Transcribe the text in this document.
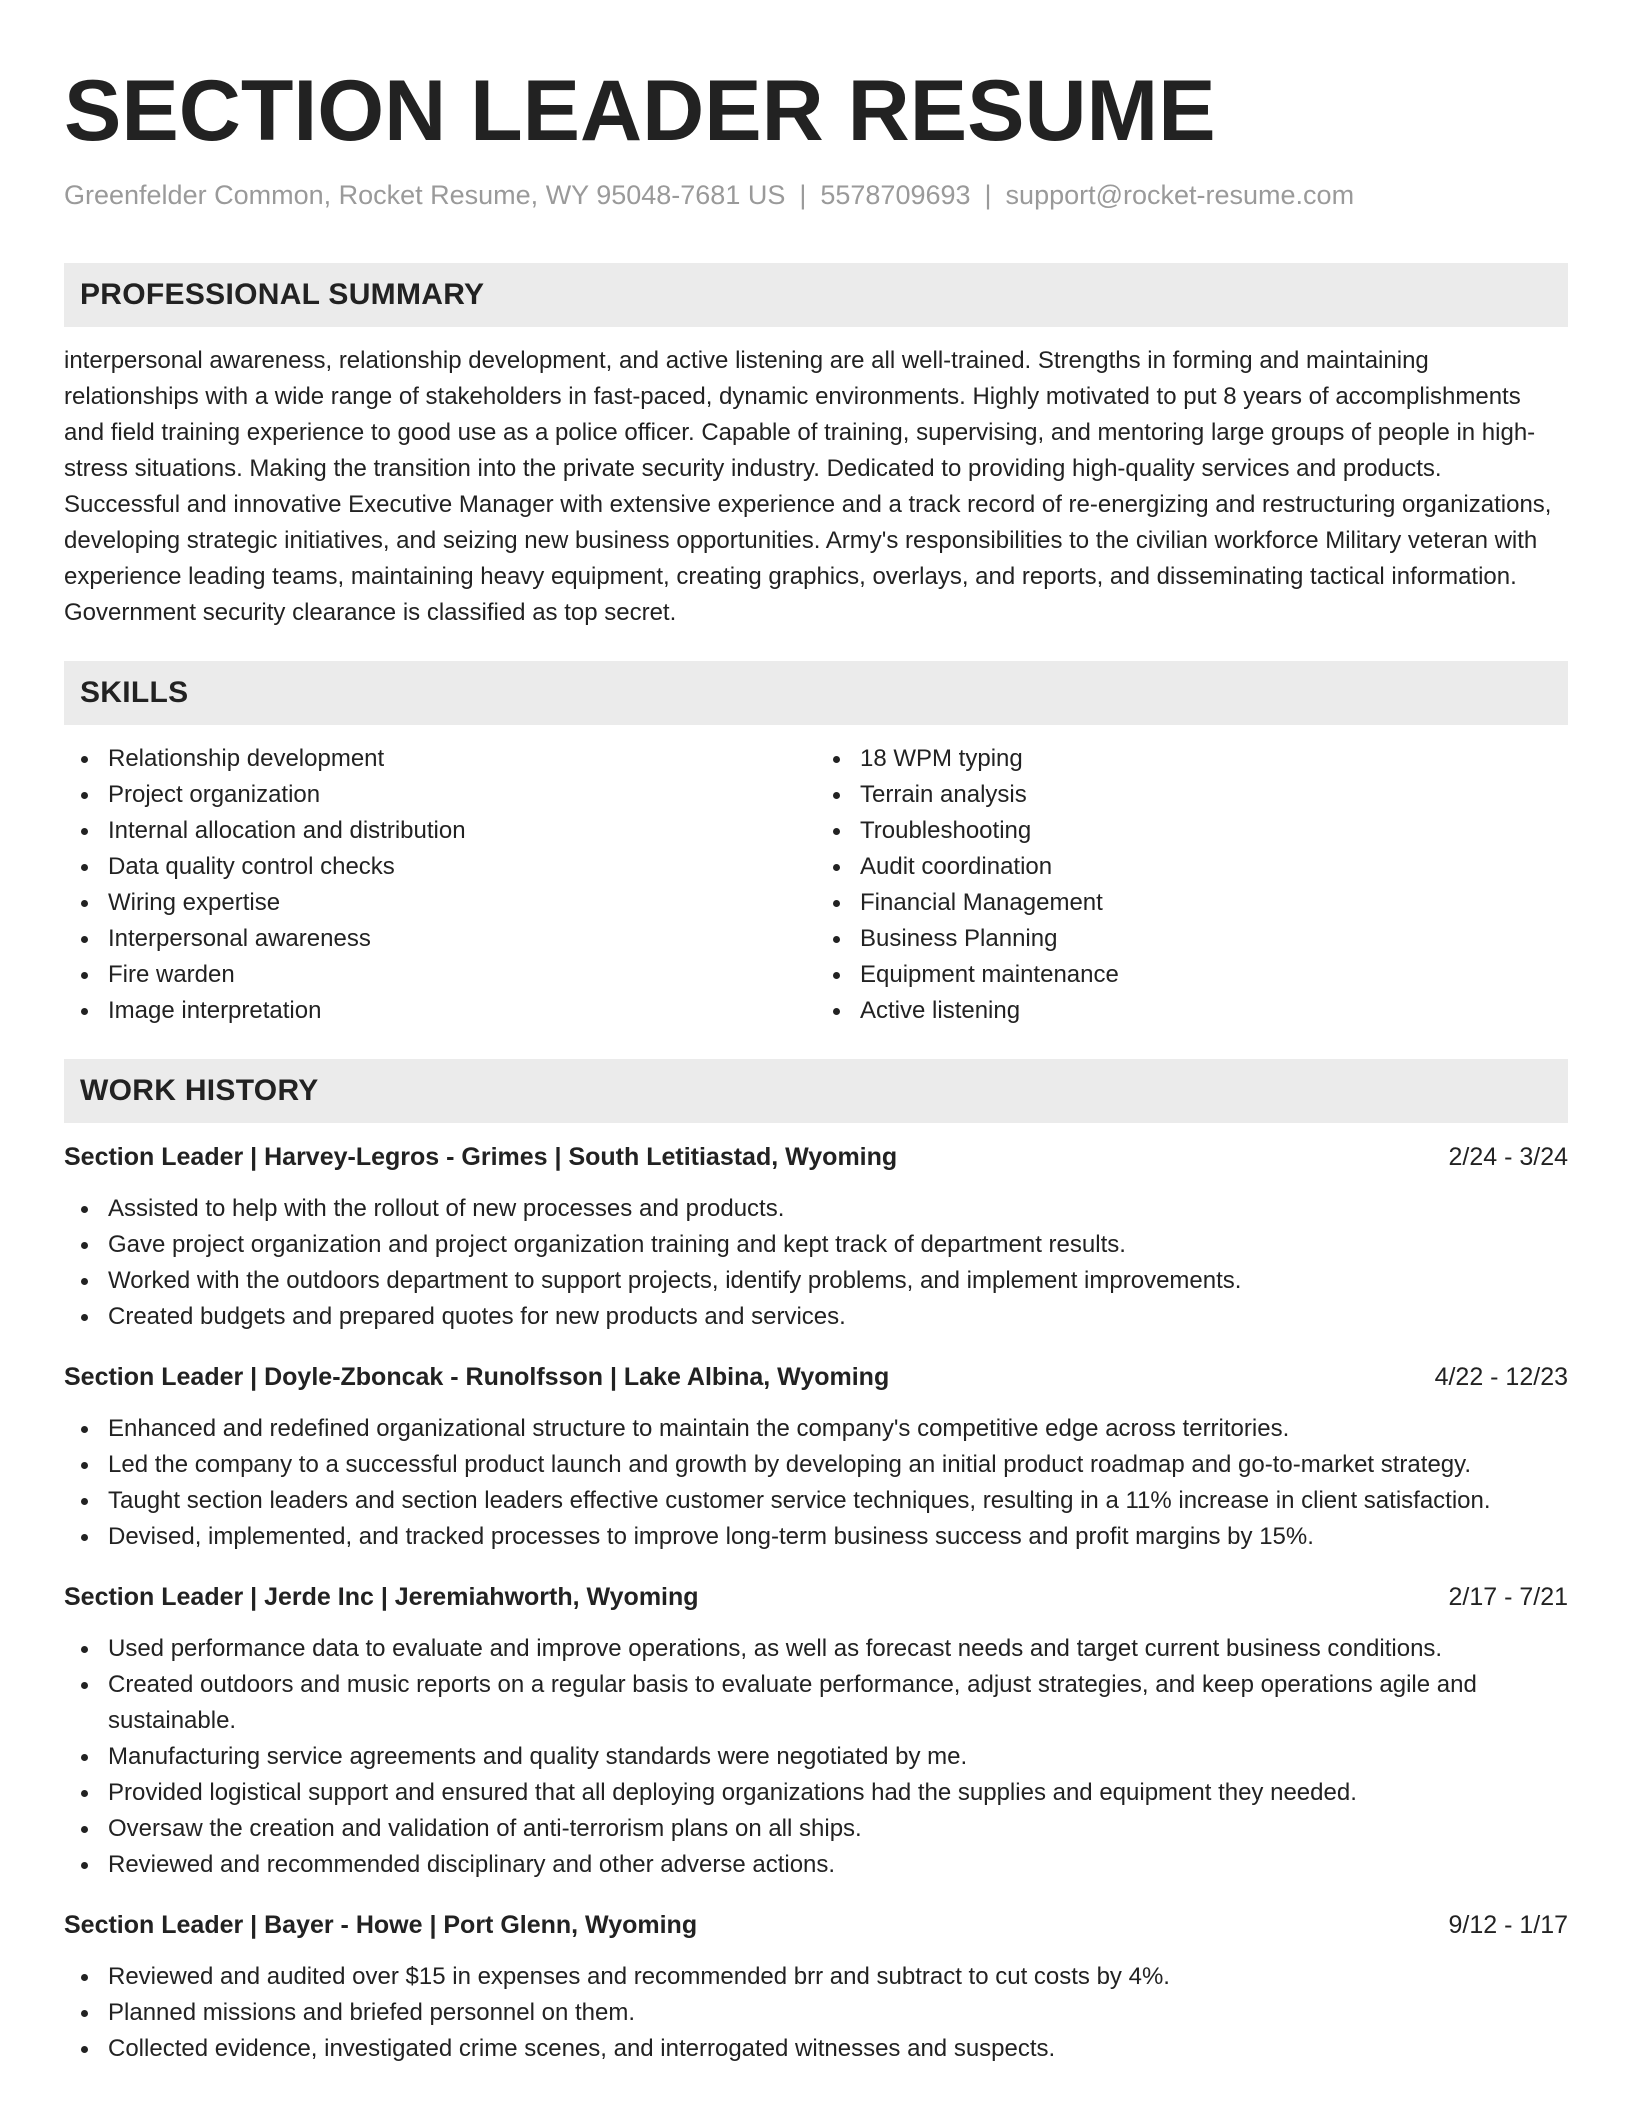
SECTION LEADER RESUME
Greenfelder Common, Rocket Resume, WY 95048-7681 US | 5578709693 | support@rocket-resume.com
PROFESSIONAL SUMMARY

interpersonal awareness, relationship development, and active listening are all well-trained. Strengths in forming and maintaining relationships with a wide range of stakeholders in fast-paced, dynamic environments. Highly motivated to put 8 years of accomplishments and field training experience to good use as a police officer. Capable of training, supervising, and mentoring large groups of people in high-stress situations. Making the transition into the private security industry. Dedicated to providing high-quality services and products. Successful and innovative Executive Manager with extensive experience and a track record of re-energizing and restructuring organizations, developing strategic initiatives, and seizing new business opportunities. Army's responsibilities to the civilian workforce Military veteran with experience leading teams, maintaining heavy equipment, creating graphics, overlays, and reports, and disseminating tactical information. Government security clearance is classified as top secret.

SKILLS
Relationship development
Project organization
Internal allocation and distribution
Data quality control checks
Wiring expertise
Interpersonal awareness
Fire warden
Image interpretation
18 WPM typing
Terrain analysis
Troubleshooting
Audit coordination
Financial Management
Business Planning
Equipment maintenance
Active listening
WORK HISTORY
Section Leader | Harvey-Legros - Grimes | South Letitiastad, Wyoming	2/24 - 3/24
Assisted to help with the rollout of new processes and products.
Gave project organization and project organization training and kept track of department results.
Worked with the outdoors department to support projects, identify problems, and implement improvements.
Created budgets and prepared quotes for new products and services.
Section Leader | Doyle-Zboncak - Runolfsson | Lake Albina, Wyoming	4/22 - 12/23
Enhanced and redefined organizational structure to maintain the company's competitive edge across territories.
Led the company to a successful product launch and growth by developing an initial product roadmap and go-to-market strategy.
Taught section leaders and section leaders effective customer service techniques, resulting in a 11% increase in client satisfaction.
Devised, implemented, and tracked processes to improve long-term business success and profit margins by 15%.
Section Leader | Jerde Inc | Jeremiahworth, Wyoming	2/17 - 7/21
Used performance data to evaluate and improve operations, as well as forecast needs and target current business conditions.
Created outdoors and music reports on a regular basis to evaluate performance, adjust strategies, and keep operations agile and sustainable.
Manufacturing service agreements and quality standards were negotiated by me.
Provided logistical support and ensured that all deploying organizations had the supplies and equipment they needed.
Oversaw the creation and validation of anti-terrorism plans on all ships.
Reviewed and recommended disciplinary and other adverse actions.
Section Leader | Bayer - Howe | Port Glenn, Wyoming	9/12 - 1/17
Reviewed and audited over $15 in expenses and recommended brr and subtract to cut costs by 4%.
Planned missions and briefed personnel on them.
Collected evidence, investigated crime scenes, and interrogated witnesses and suspects.
